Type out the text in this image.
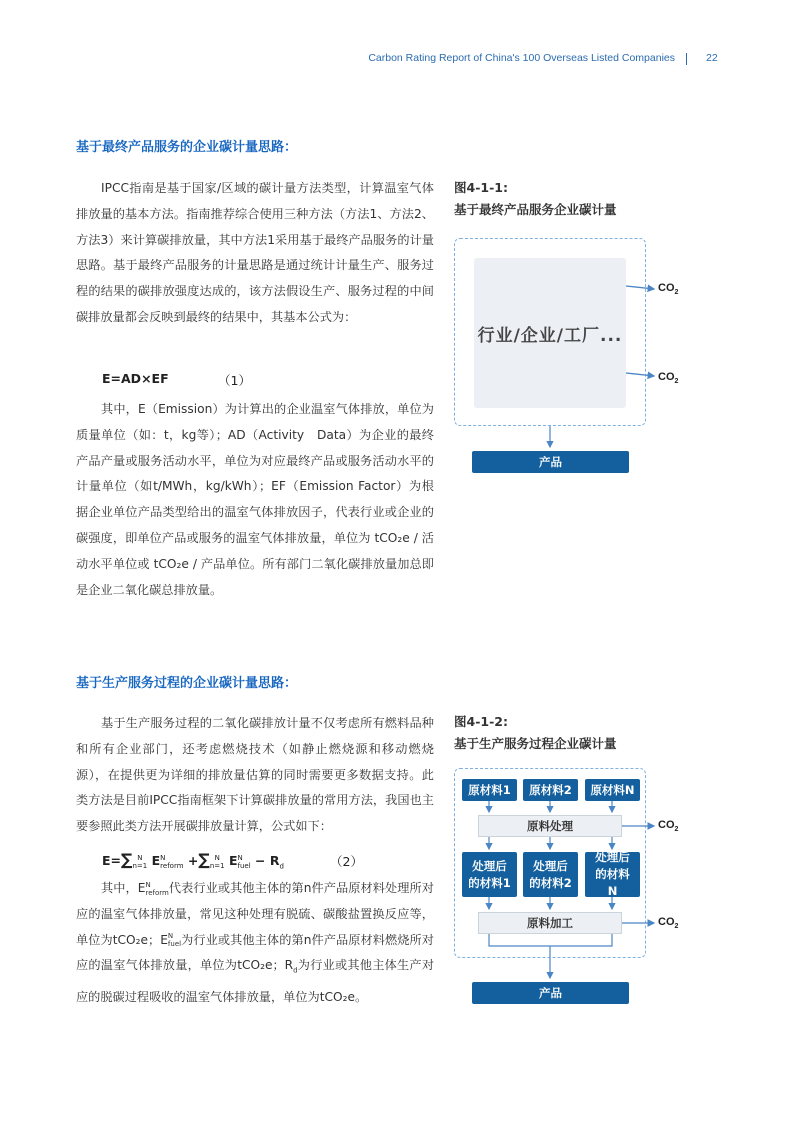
Carbon Rating Report of China's 100 Overseas Listed Companies	22
基于最终产品服务的企业碳计量思路：
IPCC指南是基于国家/区域的碳计量方法类型，计算温室气体排放量的基本方法。指南推荐综合使用三种方法（方法1、方法2、方法3）来计算碳排放量，其中方法1采用基于最终产品服务的计量思路。基于最终产品服务的计量思路是通过统计计量生产、服务过程的结果的碳排放强度达成的，该方法假设生产、服务过程的中间碳排放量都会反映到最终的结果中，其基本公式为：
E=AD×EF	（1）
其中，E（Emission）为计算出的企业温室气体排放，单位为质量单位（如：t，kg等）；AD（Activity　Data）为企业的最终产品产量或服务活动水平，单位为对应最终产品或服务活动水平的计量单位（如t/MWh，kg/kWh）；EF（Emission Factor）为根据企业单位产品类型给出的温室气体排放因子，代表行业或企业的碳强度，即单位产品或服务的温室气体排放量，单位为 tCO₂e / 活动水平单位或 tCO₂e / 产品单位。所有部门二氧化碳排放量加总即是企业二氧化碳总排放量。
图4-1-1:
基于最终产品服务企业碳计量
行业/企业/工厂...
$CO_2$
$CO_2$
产品
基于生产服务过程的企业碳计量思路：
基于生产服务过程的二氧化碳排放计量不仅考虑所有燃料品种和所有企业部门，还考虑燃烧技术（如静止燃烧源和移动燃烧源），在提供更为详细的排放量估算的同时需要更多数据支持。此类方法是目前IPCC指南框架下计算碳排放量的常用方法，我国也主要参照此类方法开展碳排放量计算，公式如下：
E=∑ N
n=1 E N
reform +∑ N
n=1 E N
fuel − $R_d$	（2）
其中，E N
reform 代表行业或其他主体的第n件产品原材料处理所对应的温室气体排放量，常见这种处理有脱硫、碳酸盐置换反应等，单位为tCO₂e；E N
fuel 为行业或其他主体的第n件产品原材料燃烧所对应的温室气体排放量，单位为tCO₂e；$R_d$为行业或其他主体生产对应的脱碳过程吸收的温室气体排放量，单位为tCO₂e。
图4-1-2:
基于生产服务过程企业碳计量
原材料1	原材料2	原材料N
原料处理
处理后的材料1
处理后的材料2
处理后的材料N
原料加工
$CO_2$
$CO_2$
产品
